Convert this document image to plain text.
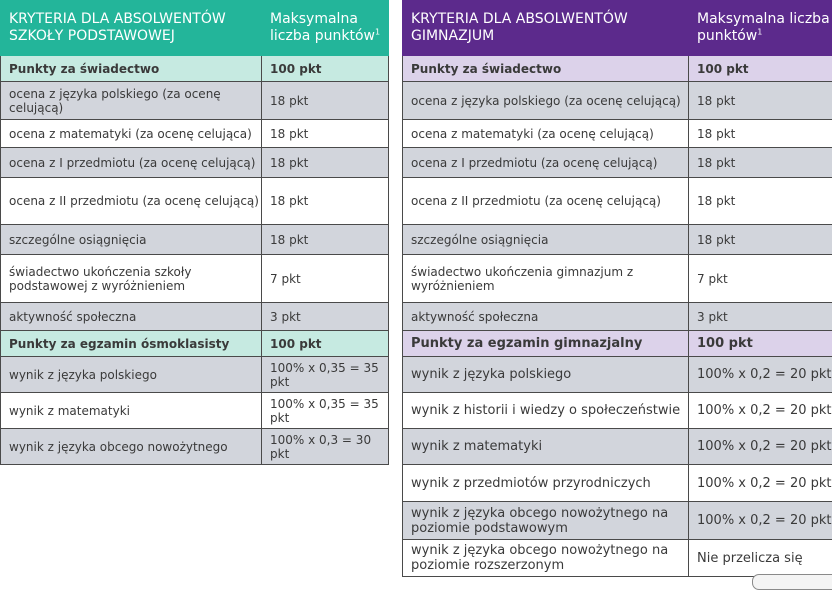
KRYTERIA DLA ABSOLWENTÓW SZKOŁY PODSTAWOWEJ	Maksymalna liczba punktów$^1$
Punkty za świadectwo	100 pkt
ocena z języka polskiego (za ocenę celującą)	18 pkt
ocena z matematyki (za ocenę celująca)	18 pkt
ocena z I przedmiotu (za ocenę celującą)	18 pkt
ocena z II przedmiotu (za ocenę celującą)	18 pkt
szczególne osiągnięcia	18 pkt
świadectwo ukończenia szkoły podstawowej z wyróżnieniem	7 pkt
aktywność społeczna	3 pkt
Punkty za egzamin ósmoklasisty	100 pkt
wynik z języka polskiego	100% x 0,35 = 35 pkt
wynik z matematyki	100% x 0,35 = 35 pkt
wynik z języka obcego nowożytnego	100% x 0,3 = 30 pkt
KRYTERIA DLA ABSOLWENTÓW GIMNAZJUM	Maksymalna liczba punktów$^1$
Punkty za świadectwo	100 pkt
ocena z języka polskiego (za ocenę celującą)	18 pkt
ocena z matematyki (za ocenę celującą)	18 pkt
ocena z I przedmiotu (za ocenę celującą)	18 pkt
ocena z II przedmiotu (za ocenę celującą)	18 pkt
szczególne osiągnięcia	18 pkt
świadectwo ukończenia gimnazjum z wyróżnieniem	7 pkt
aktywność społeczna	3 pkt
Punkty za egzamin gimnazjalny	100 pkt
wynik z języka polskiego	100% x 0,2 = 20 pkt
wynik z historii i wiedzy o społeczeństwie	100% x 0,2 = 20 pkt
wynik z matematyki	100% x 0,2 = 20 pkt
wynik z przedmiotów przyrodniczych	100% x 0,2 = 20 pkt
wynik z języka obcego nowożytnego na poziomie podstawowym	100% x 0,2 = 20 pkt
wynik z języka obcego nowożytnego na poziomie rozszerzonym	Nie przelicza się
